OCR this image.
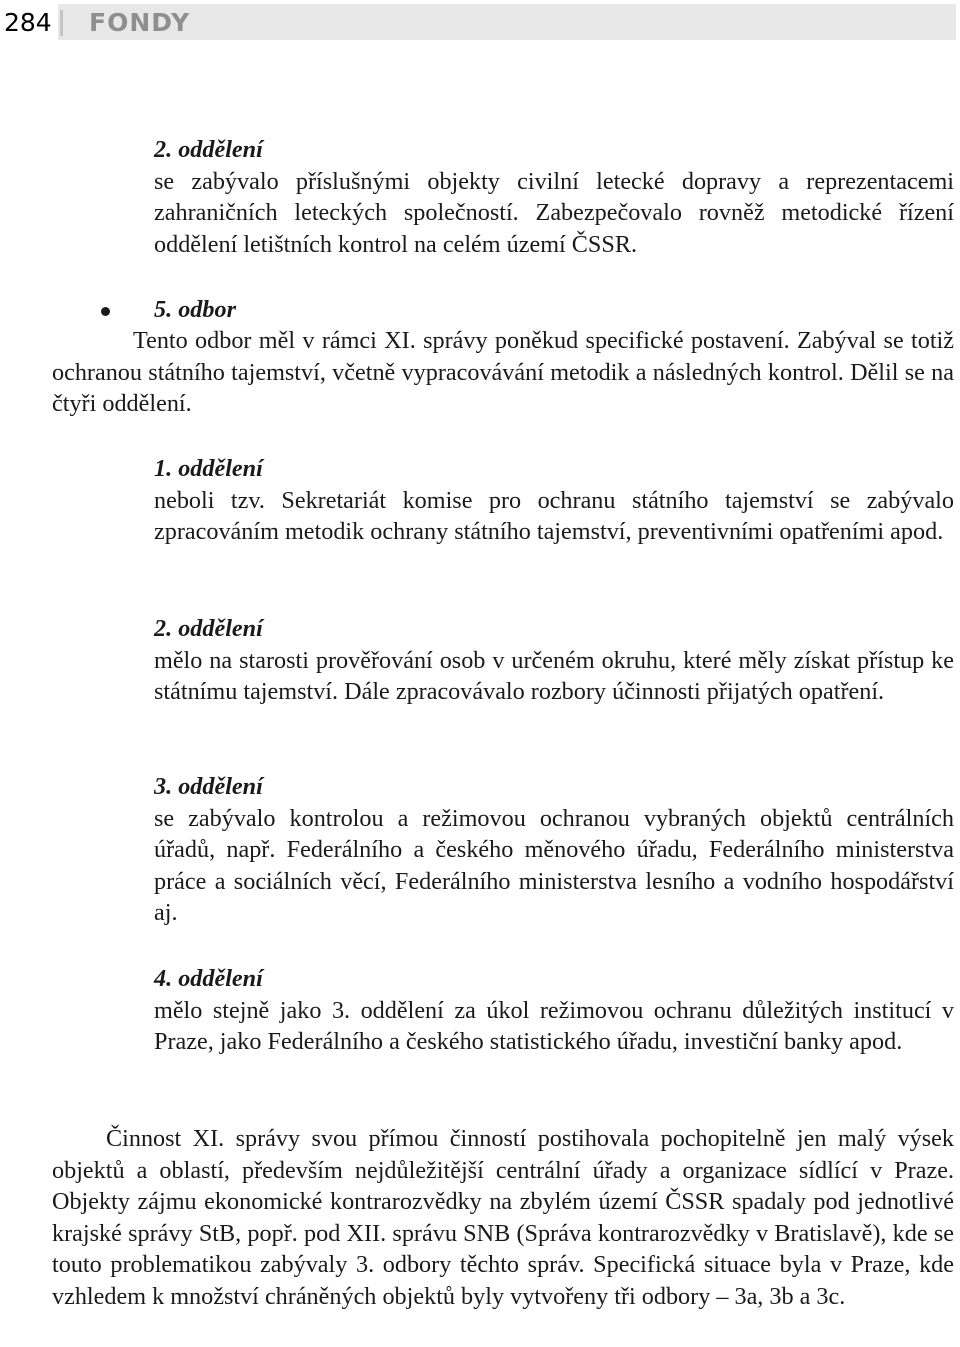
284 FONDY
2. oddělení
se zabývalo příslušnými objekty civilní letecké dopravy a reprezentacemi zahraničních leteckých společností. Zabezpečovalo rovněž metodické řízení oddělení letištních kontrol na celém území ČSSR.
5. odbor
Tento odbor měl v rámci XI. správy poněkud specifické postavení. Zabýval se totiž ochranou státního tajemství, včetně vypracovávání metodik a následných kontrol. Dělil se na čtyři oddělení.
1. oddělení
neboli tzv. Sekretariát komise pro ochranu státního tajemství se zabývalo zpracováním metodik ochrany státního tajemství, preventivními opatřeními apod.
2. oddělení
mělo na starosti prověřování osob v určeném okruhu, které měly získat přístup ke státnímu tajemství. Dále zpracovávalo rozbory účinnosti přijatých opatření.
3. oddělení
se zabývalo kontrolou a režimovou ochranou vybraných objektů centrálních úřadů, např. Federálního a českého měnového úřadu, Federálního ministerstva práce a sociálních věcí, Federálního ministerstva lesního a vodního hospodářství aj.
4. oddělení
mělo stejně jako 3. oddělení za úkol režimovou ochranu důležitých institucí v Praze, jako Federálního a českého statistického úřadu, investiční banky apod.
Činnost XI. správy svou přímou činností postihovala pochopitelně jen malý výsek objektů a oblastí, především nejdůležitější centrální úřady a organizace sídlící v Praze. Objekty zájmu ekonomické kontrarozvědky na zbylém území ČSSR spadaly pod jednotlivé krajské správy StB, popř. pod XII. správu SNB (Správa kontrarozvědky v Bratislavě), kde se touto problematikou zabývaly 3. odbory těchto správ. Specifická situace byla v Praze, kde vzhledem k množství chráněných objektů byly vytvořeny tři odbory – 3a, 3b a 3c.
